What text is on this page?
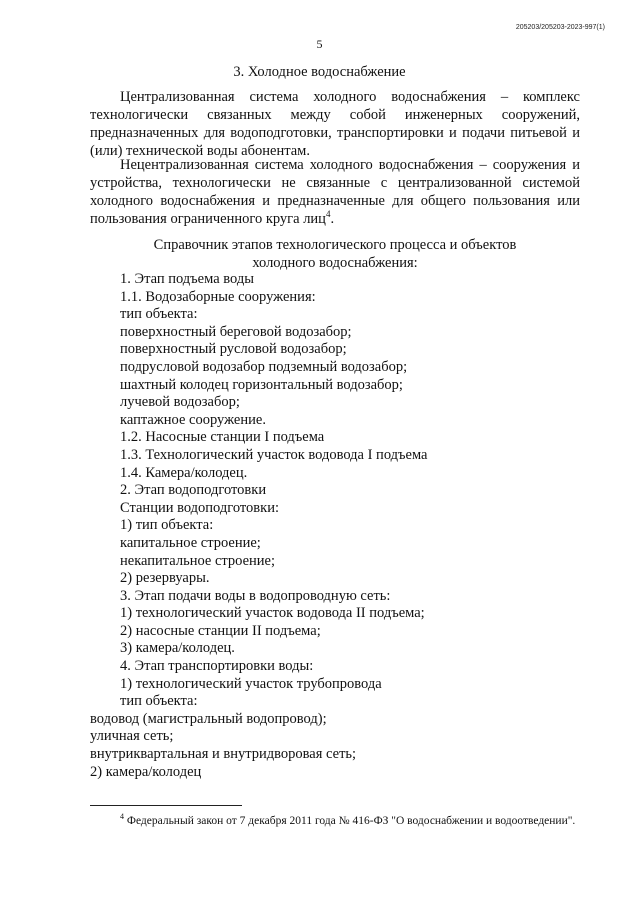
205203/205203-2023-997(1)
5
3. Холодное водоснабжение
Централизованная система холодного водоснабжения – комплекс технологически связанных между собой инженерных сооружений, предназначенных для водоподготовки, транспортировки и подачи питьевой и (или) технической воды абонентам.
Нецентрализованная система холодного водоснабжения – сооружения и устройства, технологически не связанные с централизованной системой холодного водоснабжения и предназначенные для общего пользования или пользования ограниченного круга лиц$^4$.
Справочник этапов технологического процесса и объектов
холодного водоснабжения:
1. Этап подъема воды
1.1. Водозаборные сооружения:
тип объекта:
поверхностный береговой водозабор;
поверхностный русловой водозабор;
подрусловой водозабор подземный водозабор;
шахтный колодец горизонтальный водозабор;
лучевой водозабор;
каптажное сооружение.
1.2. Насосные станции I подъема
1.3. Технологический участок водовода I подъема
1.4. Камера/колодец.
2. Этап водоподготовки
Станции водоподготовки:
1) тип объекта:
капитальное строение;
некапитальное строение;
2) резервуары.
3. Этап подачи воды в водопроводную сеть:
1) технологический участок водовода II подъема;
2) насосные станции II подъема;
3) камера/колодец.
4. Этап транспортировки воды:
1) технологический участок трубопровода
тип объекта:
водовод (магистральный водопровод);
уличная сеть;
внутриквартальная и внутридворовая сеть;
2) камера/колодец
$^4$ Федеральный закон от 7 декабря 2011 года № 416-ФЗ "О водоснабжении и водоотведении".
